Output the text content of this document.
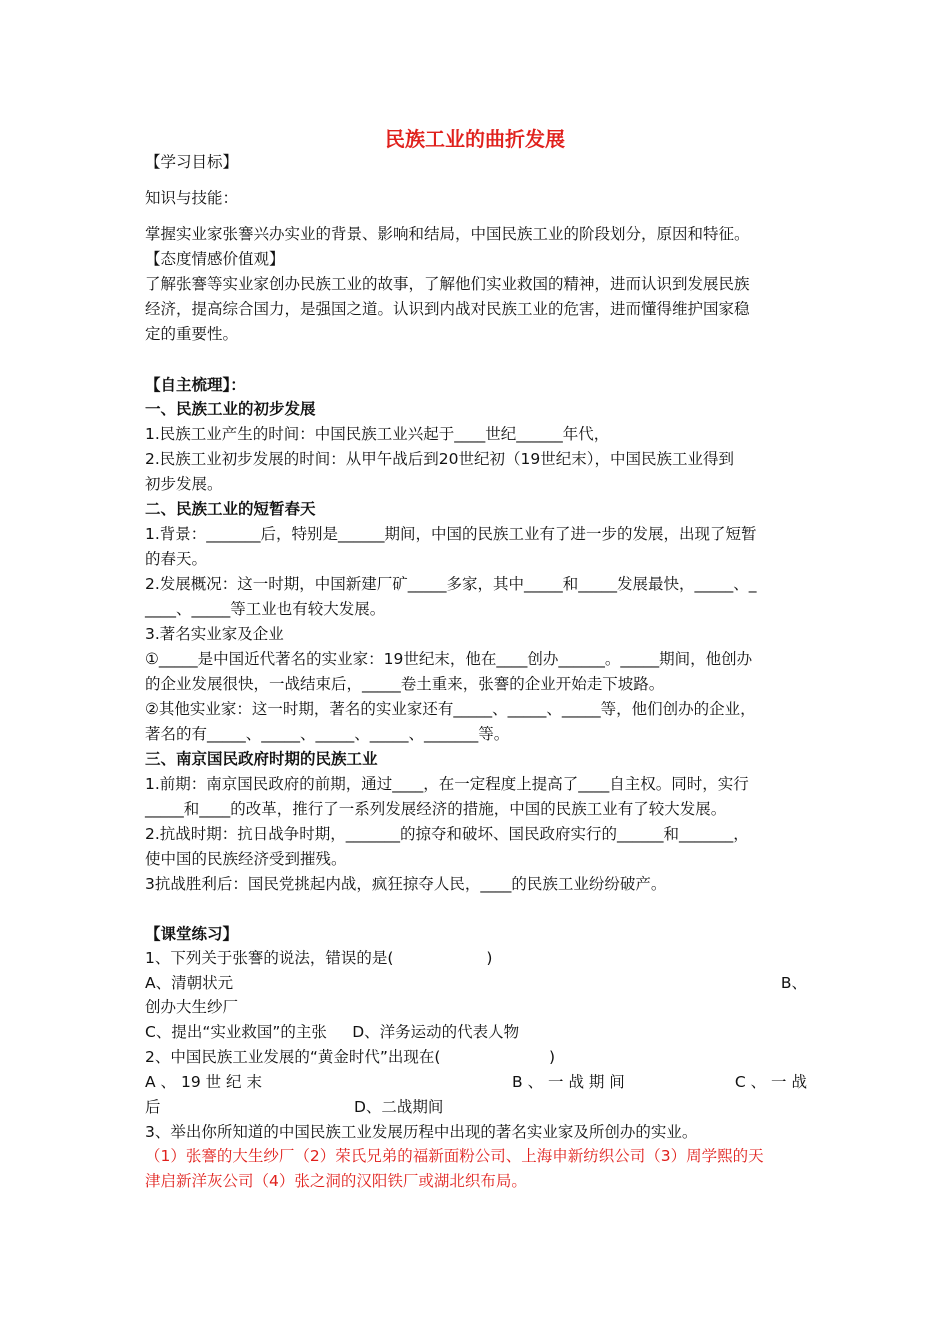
民族工业的曲折发展
【学习目标】
知识与技能：
掌握实业家张謇兴办实业的背景、影响和结局，中国民族工业的阶段划分，原因和特征。
【态度情感价值观】
了解张謇等实业家创办民族工业的故事，了解他们实业救国的精神，进而认识到发展民族
经济，提高综合国力，是强国之道。认识到内战对民族工业的危害，进而懂得维护国家稳
定的重要性。
【自主梳理】：
一、民族工业的初步发展
1.民族工业产生的时间：中国民族工业兴起于____世纪______年代，
2.民族工业初步发展的时间：从甲午战后到20世纪初（19世纪末），中国民族工业得到
初步发展。
二、民族工业的短暂春天
1.背景：_______后，特别是______期间，中国的民族工业有了进一步的发展，出现了短暂
的春天。
2.发展概况：这一时期，中国新建厂矿_____多家，其中_____和_____发展最快，_____、_
____、_____等工业也有较大发展。
3.著名实业家及企业
①_____是中国近代著名的实业家：19世纪末，他在____创办______。_____期间，他创办
的企业发展很快，一战结束后，_____卷土重来，张謇的企业开始走下坡路。
②其他实业家：这一时期，著名的实业家还有_____、_____、_____等，他们创办的企业，
著名的有_____、_____、_____、_____、_______等。
三、南京国民政府时期的民族工业
1.前期：南京国民政府的前期，通过____，在一定程度上提高了____自主权。同时，实行
_____和____的改革，推行了一系列发展经济的措施，中国的民族工业有了较大发展。
2.抗战时期：抗日战争时期，_______的掠夺和破坏、国民政府实行的______和_______，
使中国的民族经济受到摧残。
3抗战胜利后：国民党挑起内战，疯狂掠夺人民，____的民族工业纷纷破产。
【课堂练习】
1、下列关于张謇的说法，错误的是(　　　　　　)
A、清朝状元	B、
创办大生纱厂
C、提出“实业救国”的主张　  D、洋务运动的代表人物
2、中国民族工业发展的“黄金时代”出现在(　　　　　　　)
A 、 19 世 纪 末	B 、 一 战 期 间	C 、 一 战
后	D、二战期间
3、举出你所知道的中国民族工业发展历程中出现的著名实业家及所创办的实业。
（1）张謇的大生纱厂（2）荣氏兄弟的福新面粉公司、上海申新纺织公司（3）周学熙的天
津启新洋灰公司（4）张之洞的汉阳铁厂或湖北织布局。
